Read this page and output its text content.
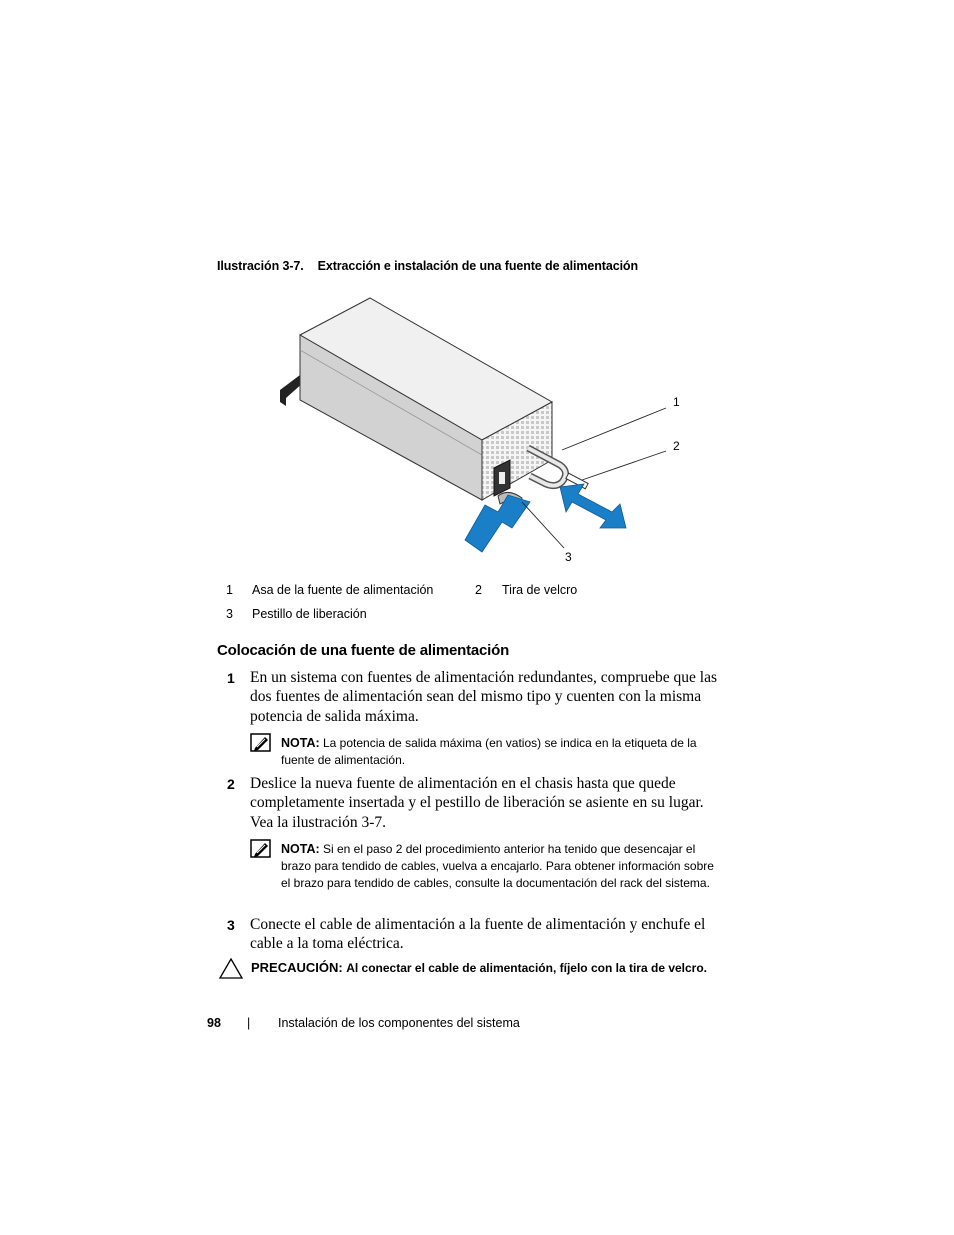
Ilustración 3-7. Extracción e instalación de una fuente de alimentación
1
2
3
1 Asa de la fuente de alimentación	2 Tira de velcro
3 Pestillo de liberación
Colocación de una fuente de alimentación
1 En un sistema con fuentes de alimentación redundantes, compruebe que las dos fuentes de alimentación sean del mismo tipo y cuenten con la misma potencia de salida máxima.
NOTA: La potencia de salida máxima (en vatios) se indica en la etiqueta de la fuente de alimentación.
2 Deslice la nueva fuente de alimentación en el chasis hasta que quede completamente insertada y el pestillo de liberación se asiente en su lugar. Vea la ilustración 3-7.
NOTA: Si en el paso 2 del procedimiento anterior ha tenido que desencajar el brazo para tendido de cables, vuelva a encajarlo. Para obtener información sobre el brazo para tendido de cables, consulte la documentación del rack del sistema.
3 Conecte el cable de alimentación a la fuente de alimentación y enchufe el cable a la toma eléctrica.
PRECAUCIÓN: Al conectar el cable de alimentación, fíjelo con la tira de velcro.
98 | Instalación de los componentes del sistema
